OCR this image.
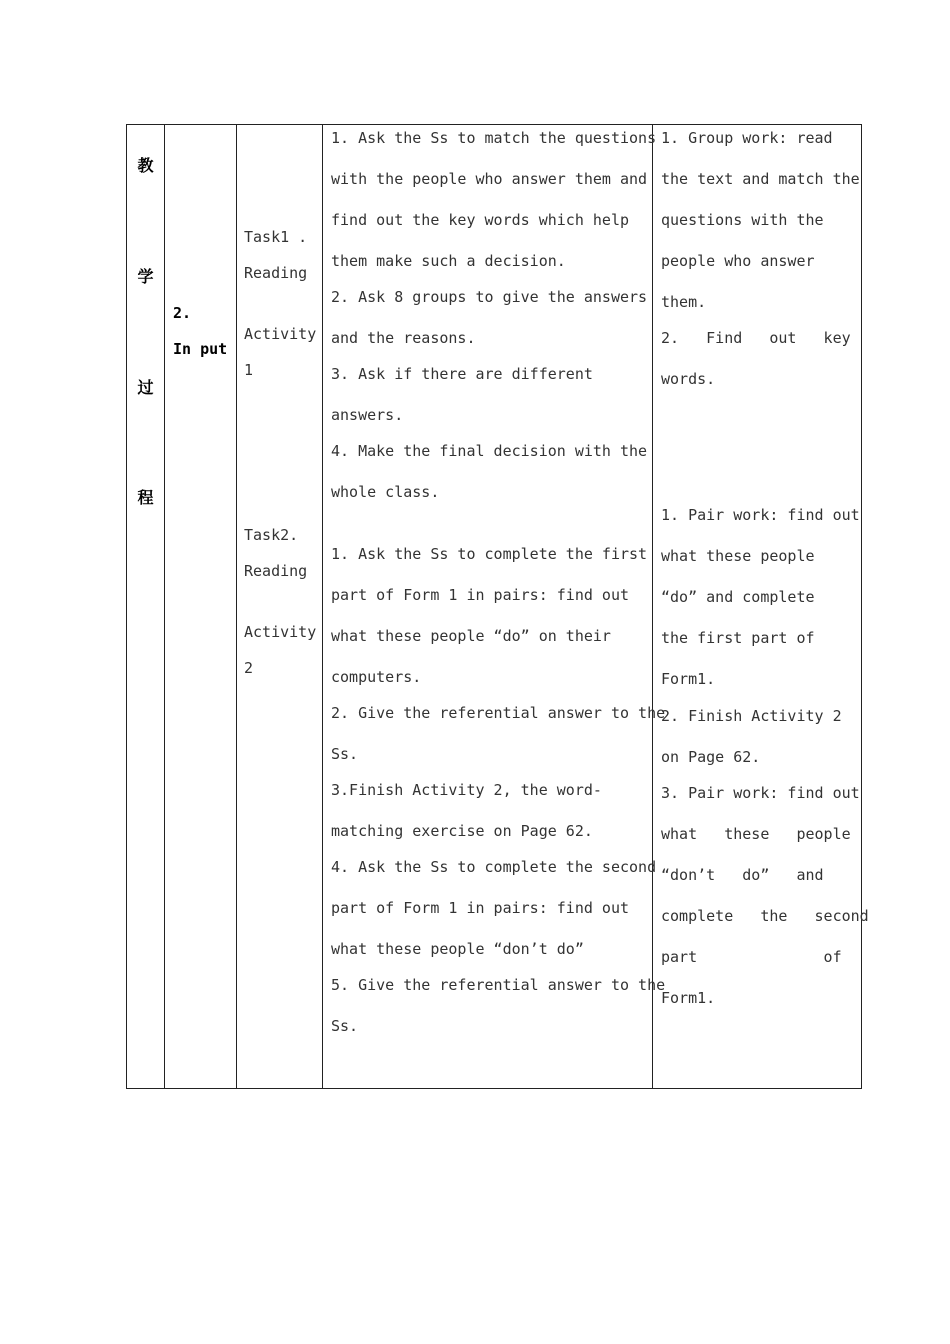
教
学
过
程
2.
In put
Task1 .
Reading
Activity
1
Task2.
Reading
Activity
2
1. Ask the Ss to match the questions
with the people who answer them and
find out the key words which help
them make such a decision.
2. Ask 8 groups to give the answers
and the reasons.
3. Ask if there are different
answers.
4. Make the final decision with the
whole class.
1. Ask the Ss to complete the first
part of Form 1 in pairs: find out
what these people “do” on their
computers.
2. Give the referential answer to the
Ss.
3.Finish Activity 2, the word-
matching exercise on Page 62.
4. Ask the Ss to complete the second
part of Form 1 in pairs: find out
what these people “don’t do”
5. Give the referential answer to the
Ss.
1. Group work: read
the text and match the
questions with the
people who answer
them.
2.   Find   out   key
words.
1. Pair work: find out
what these people
“do” and complete
the first part of
Form1.
2. Finish Activity 2
on Page 62.
3. Pair work: find out
what   these   people
“don’t   do”   and
complete   the   second
part              of
Form1.
